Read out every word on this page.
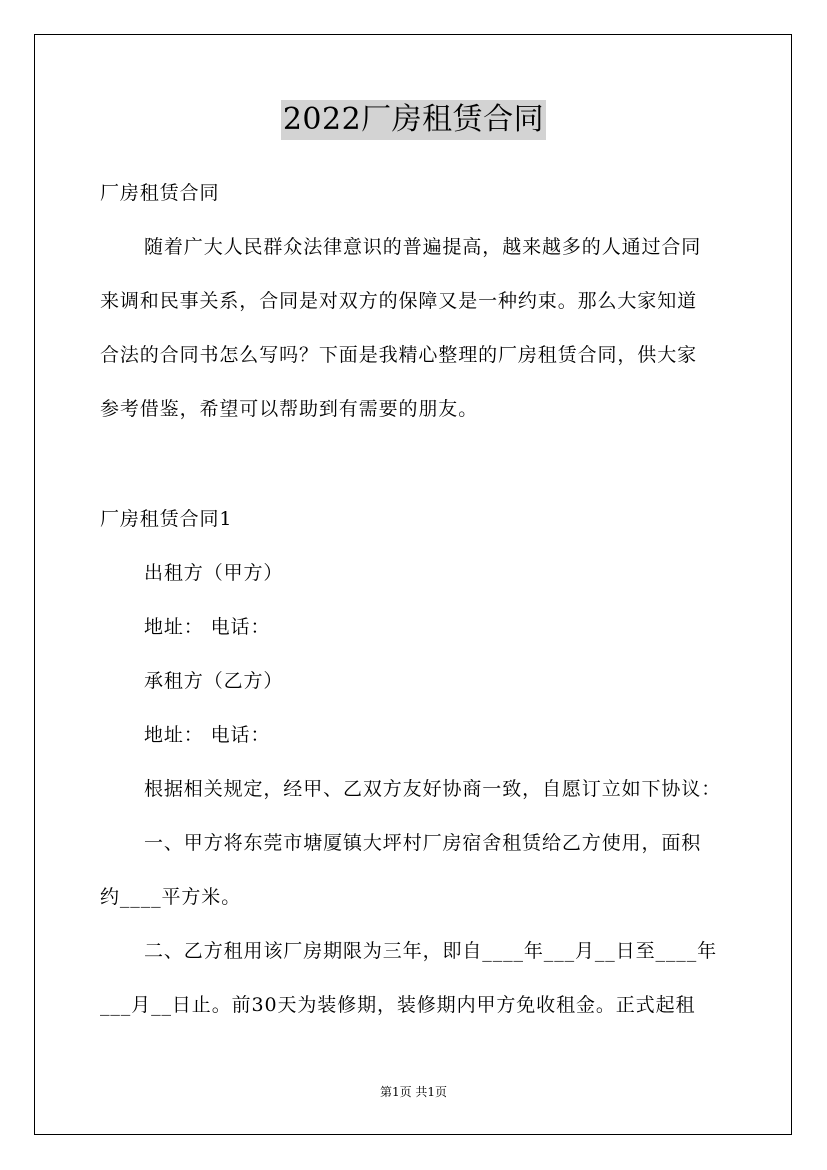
2022厂房租赁合同
厂房租赁合同
随着广大人民群众法律意识的普遍提高，越来越多的人通过合同
来调和民事关系，合同是对双方的保障又是一种约束。那么大家知道
合法的合同书怎么写吗？下面是我精心整理的厂房租赁合同，供大家
参考借鉴，希望可以帮助到有需要的朋友。
厂房租赁合同1
出租方（甲方）
地址： 电话：
承租方（乙方）
地址： 电话：
根据相关规定，经甲、乙双方友好协商一致，自愿订立如下协议：
一、甲方将东莞市塘厦镇大坪村厂房宿舍租赁给乙方使用，面积
约____平方米。
二、乙方租用该厂房期限为三年，即自____年___月__日至____年
___月__日止。前30天为装修期，装修期内甲方免收租金。正式起租
第1页 共1页
